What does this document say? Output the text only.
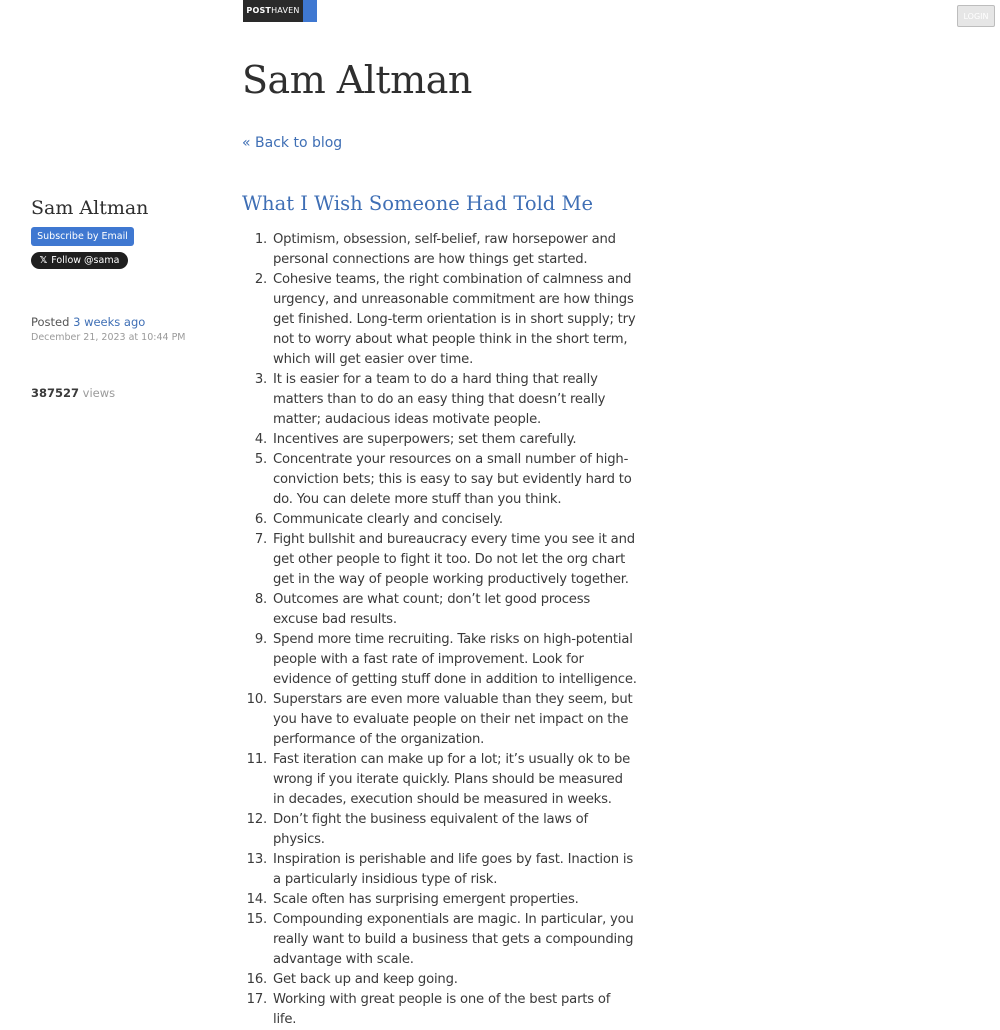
POSTHAVEN
LOGIN
Sam Altman
« Back to blog
Sam Altman
Subscribe by Email
𝕏 Follow @sama
Posted 3 weeks ago
December 21, 2023 at 10:44 PM
387527 views
What I Wish Someone Had Told Me
1. Optimism, obsession, self-belief, raw horsepower and personal connections are how things get started.
2. Cohesive teams, the right combination of calmness and urgency, and unreasonable commitment are how things get finished. Long-term orientation is in short supply; try not to worry about what people think in the short term, which will get easier over time.
3. It is easier for a team to do a hard thing that really matters than to do an easy thing that doesn’t really matter; audacious ideas motivate people.
4. Incentives are superpowers; set them carefully.
5. Concentrate your resources on a small number of high-conviction bets; this is easy to say but evidently hard to do. You can delete more stuff than you think.
6. Communicate clearly and concisely.
7. Fight bullshit and bureaucracy every time you see it and get other people to fight it too. Do not let the org chart get in the way of people working productively together.
8. Outcomes are what count; don’t let good process excuse bad results.
9. Spend more time recruiting. Take risks on high-potential people with a fast rate of improvement. Look for evidence of getting stuff done in addition to intelligence.
10. Superstars are even more valuable than they seem, but you have to evaluate people on their net impact on the performance of the organization.
11. Fast iteration can make up for a lot; it’s usually ok to be wrong if you iterate quickly. Plans should be measured in decades, execution should be measured in weeks.
12. Don’t fight the business equivalent of the laws of physics.
13. Inspiration is perishable and life goes by fast. Inaction is a particularly insidious type of risk.
14. Scale often has surprising emergent properties.
15. Compounding exponentials are magic. In particular, you really want to build a business that gets a compounding advantage with scale.
16. Get back up and keep going.
17. Working with great people is one of the best parts of life.
